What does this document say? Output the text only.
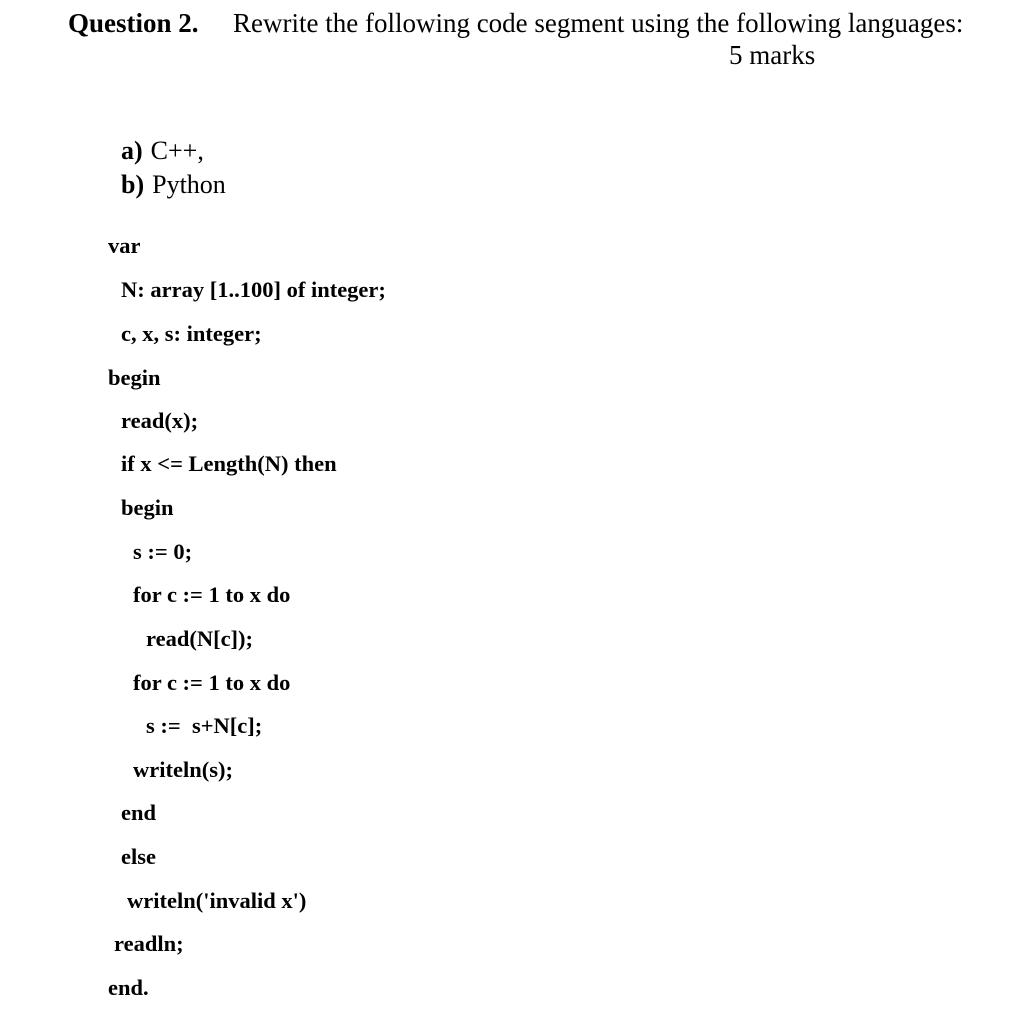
Question 2. Rewrite the following code segment using the following languages:
5 marks

a) C++,

b) Python

var
N: array [1..100] of integer;
c, x, s: integer;
begin
read(x);
if x <= Length(N) then
begin
s := 0;
for c := 1 to x do
read(N[c]);
for c := 1 to x do
s :=  s+N[c];
writeln(s);
end
else
writeln('invalid x')
readln;
end.
